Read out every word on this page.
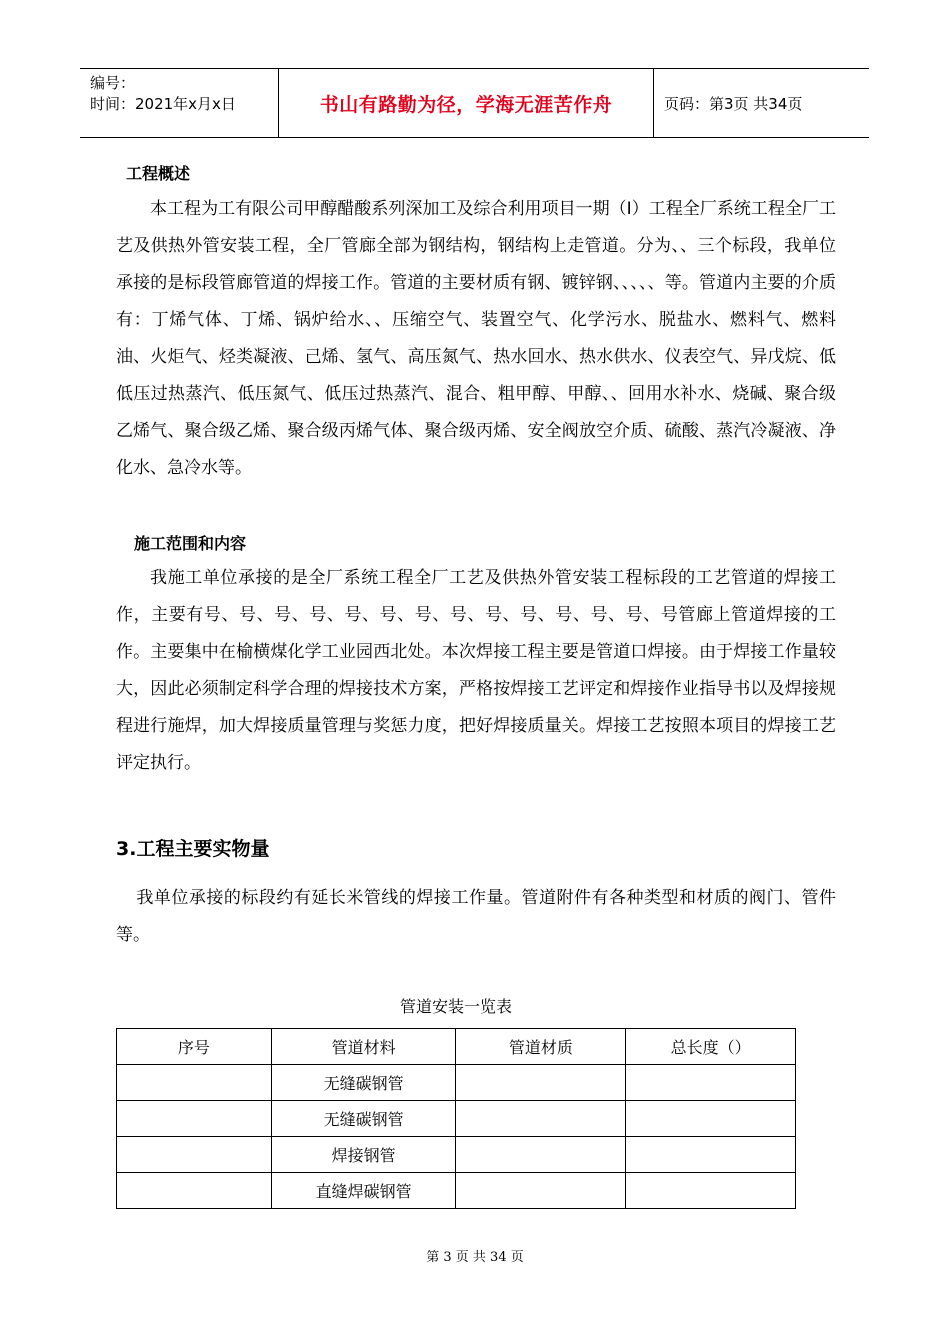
编号：
时间：2021年x月x日	书山有路勤为径，学海无涯苦作舟	页码：第3页 共34页
工程概述

本工程为工有限公司甲醇醋酸系列深加工及综合利用项目一期（Ⅰ）工程全厂系统工程全厂工艺及供热外管安装工程，全厂管廊全部为钢结构，钢结构上走管道。分为、、三个标段，我单位承接的是标段管廊管道的焊接工作。管道的主要材质有钢、镀锌钢、、、、、等。管道内主要的介质有：丁烯气体、丁烯、锅炉给水、、压缩空气、装置空气、化学污水、脱盐水、燃料气、燃料油、火炬气、烃类凝液、己烯、氢气、高压氮气、热水回水、热水供水、仪表空气、异戊烷、低低压过热蒸汽、低压氮气、低压过热蒸汽、混合、粗甲醇、甲醇、、回用水补水、烧碱、聚合级乙烯气、聚合级乙烯、聚合级丙烯气体、聚合级丙烯、安全阀放空介质、硫酸、蒸汽冷凝液、净化水、急冷水等。

施工范围和内容

我施工单位承接的是全厂系统工程全厂工艺及供热外管安装工程标段的工艺管道的焊接工作，主要有号、号、号、号、号、号、号、号、号、号、号、号、号、号管廊上管道焊接的工作。主要集中在榆横煤化学工业园西北处。本次焊接工程主要是管道口焊接。由于焊接工作量较大，因此必须制定科学合理的焊接技术方案，严格按焊接工艺评定和焊接作业指导书以及焊接规程进行施焊，加大焊接质量管理与奖惩力度，把好焊接质量关。焊接工艺按照本项目的焊接工艺评定执行。

3.工程主要实物量

我单位承接的标段约有延长米管线的焊接工作量。管道附件有各种类型和材质的阀门、管件等。

管道安装一览表
序号	管道材料	管道材质	总长度（）
	无缝碳钢管		
	无缝碳钢管		
	焊接钢管		
	直缝焊碳钢管		
第 3 页 共 34 页
